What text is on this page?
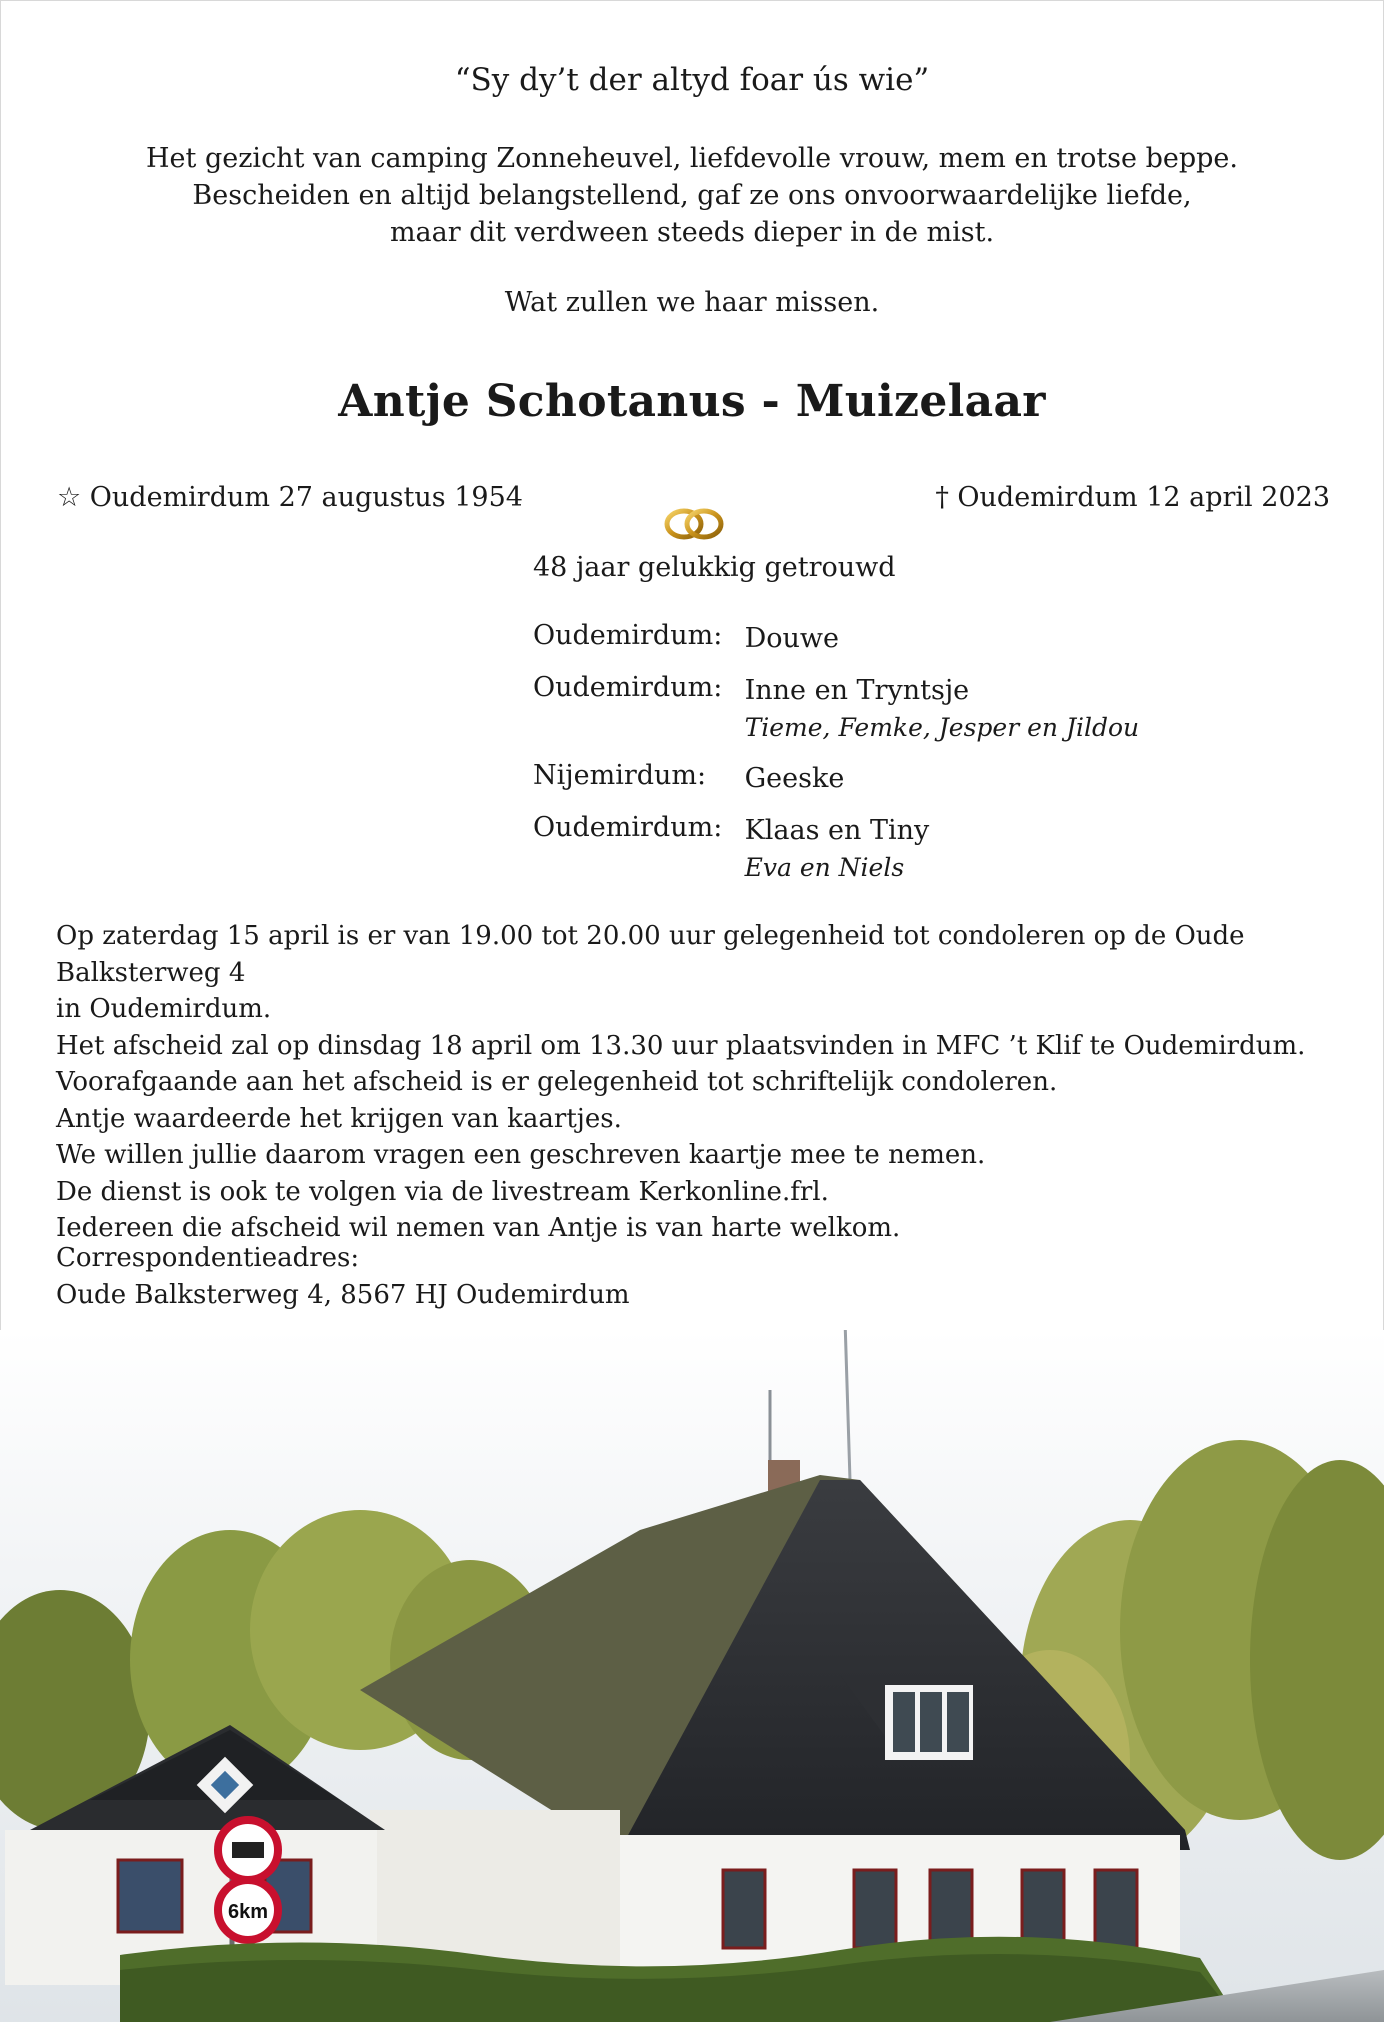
“Sy dy’t der altyd foar ús wie”
Het gezicht van camping Zonneheuvel, liefdevolle vrouw, mem en trotse beppe.
Bescheiden en altijd belangstellend, gaf ze ons onvoorwaardelijke liefde,
maar dit verdween steeds dieper in de mist.
Wat zullen we haar missen.
Antje Schotanus - Muizelaar
☆ Oudemirdum 27 augustus 1954	† Oudemirdum 12 april 2023
48 jaar gelukkig getrouwd
Oudemirdum: Douwe
Oudemirdum: Inne en Tryntsje
Tieme, Femke, Jesper en Jildou
Nijemirdum: Geeske
Oudemirdum: Klaas en Tiny
Eva en Niels
Op zaterdag 15 april is er van 19.00 tot 20.00 uur gelegenheid tot condoleren op de Oude Balksterweg 4
in Oudemirdum.
Het afscheid zal op dinsdag 18 april om 13.30 uur plaatsvinden in MFC ’t Klif te Oudemirdum.
Voorafgaande aan het afscheid is er gelegenheid tot schriftelijk condoleren.
Antje waardeerde het krijgen van kaartjes.
We willen jullie daarom vragen een geschreven kaartje mee te nemen.
De dienst is ook te volgen via de livestream Kerkonline.frl.
Iedereen die afscheid wil nemen van Antje is van harte welkom.
Correspondentieadres:
Oude Balksterweg 4, 8567 HJ Oudemirdum
6km
